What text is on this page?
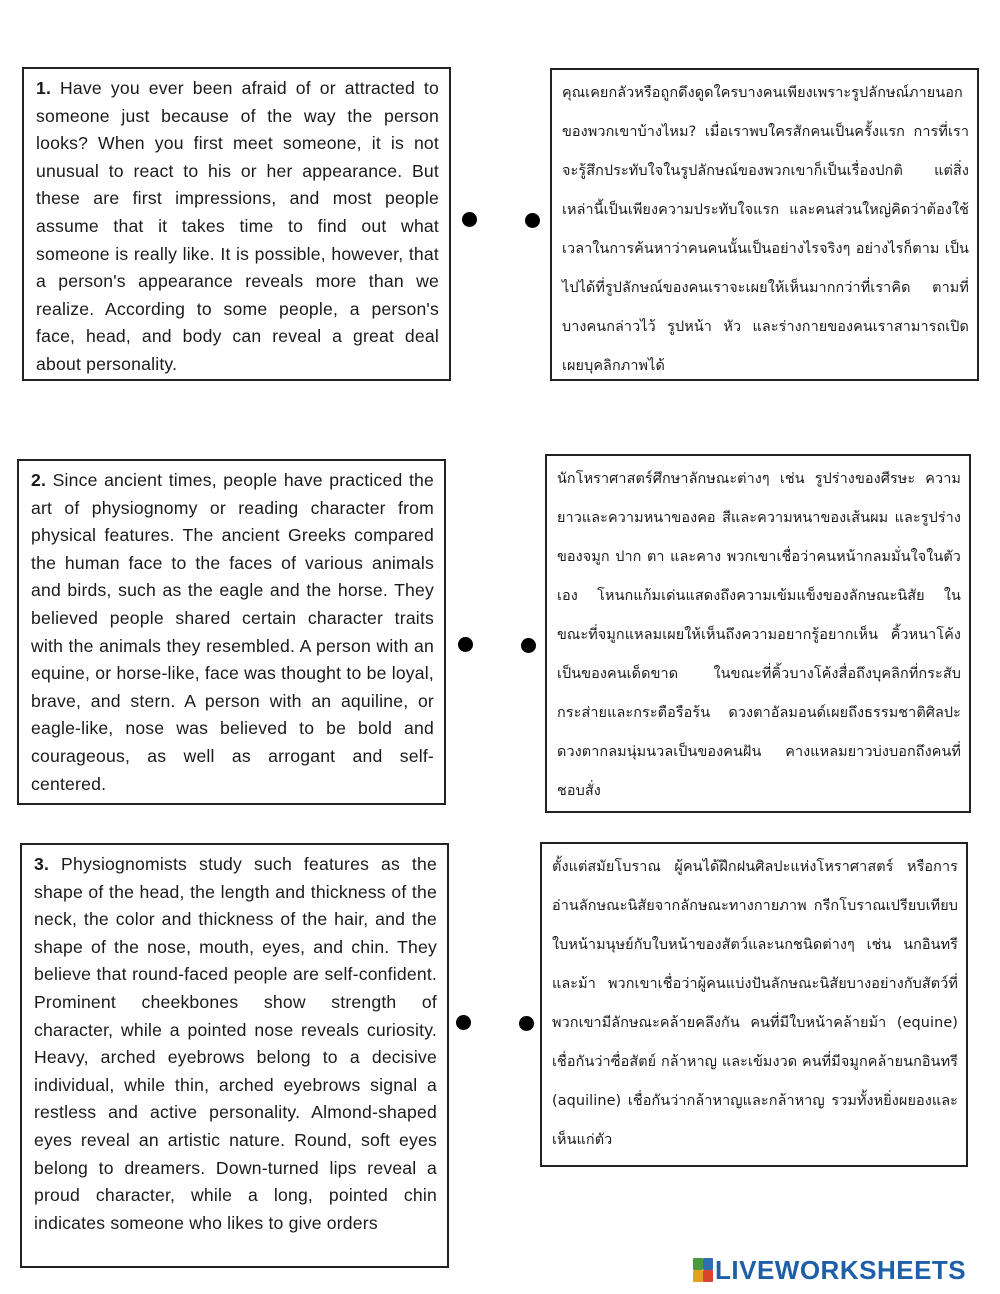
1. Have you ever been afraid of or attracted to someone just because of the way the person looks? When you first meet someone, it is not unusual to react to his or her appearance. But these are first impressions, and most people assume that it takes time to find out what someone is really like. It is possible, however, that a person's appearance reveals more than we realize. According to some people, a person's face, head, and body can reveal a great deal about personality.
คุณเคยกลัวหรือถูกดึงดูดใครบางคนเพียงเพราะรูปลักษณ์ภายนอกของพวกเขาบ้างไหม? เมื่อเราพบใครสักคนเป็นครั้งแรก การที่เราจะรู้สึกประทับใจในรูปลักษณ์ของพวกเขาก็เป็นเรื่องปกติ แต่สิ่งเหล่านี้เป็นเพียงความประทับใจแรก และคนส่วนใหญ่คิดว่าต้องใช้เวลาในการค้นหาว่าคนคนนั้นเป็นอย่างไรจริงๆ อย่างไรก็ตาม เป็นไปได้ที่รูปลักษณ์ของคนเราจะเผยให้เห็นมากกว่าที่เราคิด ตามที่บางคนกล่าวไว้ รูปหน้า หัว และร่างกายของคนเราสามารถเปิดเผยบุคลิกภาพได้
2. Since ancient times, people have practiced the art of physiognomy or reading character from physical features. The ancient Greeks compared the human face to the faces of various animals and birds, such as the eagle and the horse. They believed people shared certain character traits with the animals they resembled. A person with an equine, or horse-like, face was thought to be loyal, brave, and stern. A person with an aquiline, or eagle-like, nose was believed to be bold and courageous, as well as arrogant and self-centered.
นักโหราศาสตร์ศึกษาลักษณะต่างๆ เช่น รูปร่างของศีรษะ ความยาวและความหนาของคอ สีและความหนาของเส้นผม และรูปร่างของจมูก ปาก ตา และคาง พวกเขาเชื่อว่าคนหน้ากลมมั่นใจในตัวเอง โหนกแก้มเด่นแสดงถึงความเข้มแข็งของลักษณะนิสัย ในขณะที่จมูกแหลมเผยให้เห็นถึงความอยากรู้อยากเห็น คิ้วหนาโค้งเป็นของคนเด็ดขาด ในขณะที่คิ้วบางโค้งสื่อถึงบุคลิกที่กระสับกระส่ายและกระตือรือร้น ดวงตาอัลมอนด์เผยถึงธรรมชาติศิลปะ ดวงตากลมนุ่มนวลเป็นของคนฝัน คางแหลมยาวบ่งบอกถึงคนที่ชอบสั่ง
3. Physiognomists study such features as the shape of the head, the length and thickness of the neck, the color and thickness of the hair, and the shape of the nose, mouth, eyes, and chin. They believe that round-faced people are self-confident. Prominent cheekbones show strength of character, while a pointed nose reveals curiosity. Heavy, arched eyebrows belong to a decisive individual, while thin, arched eyebrows signal a restless and active personality. Almond-shaped eyes reveal an artistic nature. Round, soft eyes belong to dreamers. Down-turned lips reveal a proud character, while a long, pointed chin indicates someone who likes to give orders
ตั้งแต่สมัยโบราณ ผู้คนได้ฝึกฝนศิลปะแห่งโหราศาสตร์ หรือการอ่านลักษณะนิสัยจากลักษณะทางกายภาพ กรีกโบราณเปรียบเทียบใบหน้ามนุษย์กับใบหน้าของสัตว์และนกชนิดต่างๆ เช่น นกอินทรีและม้า พวกเขาเชื่อว่าผู้คนแบ่งปันลักษณะนิสัยบางอย่างกับสัตว์ที่พวกเขามีลักษณะคล้ายคลึงกัน คนที่มีใบหน้าคล้ายม้า (equine) เชื่อกันว่าซื่อสัตย์ กล้าหาญ และเข้มงวด คนที่มีจมูกคล้ายนกอินทรี (aquiline) เชื่อกันว่ากล้าหาญและกล้าหาญ รวมทั้งหยิ่งผยองและเห็นแก่ตัว
LIVEWORKSHEETS
